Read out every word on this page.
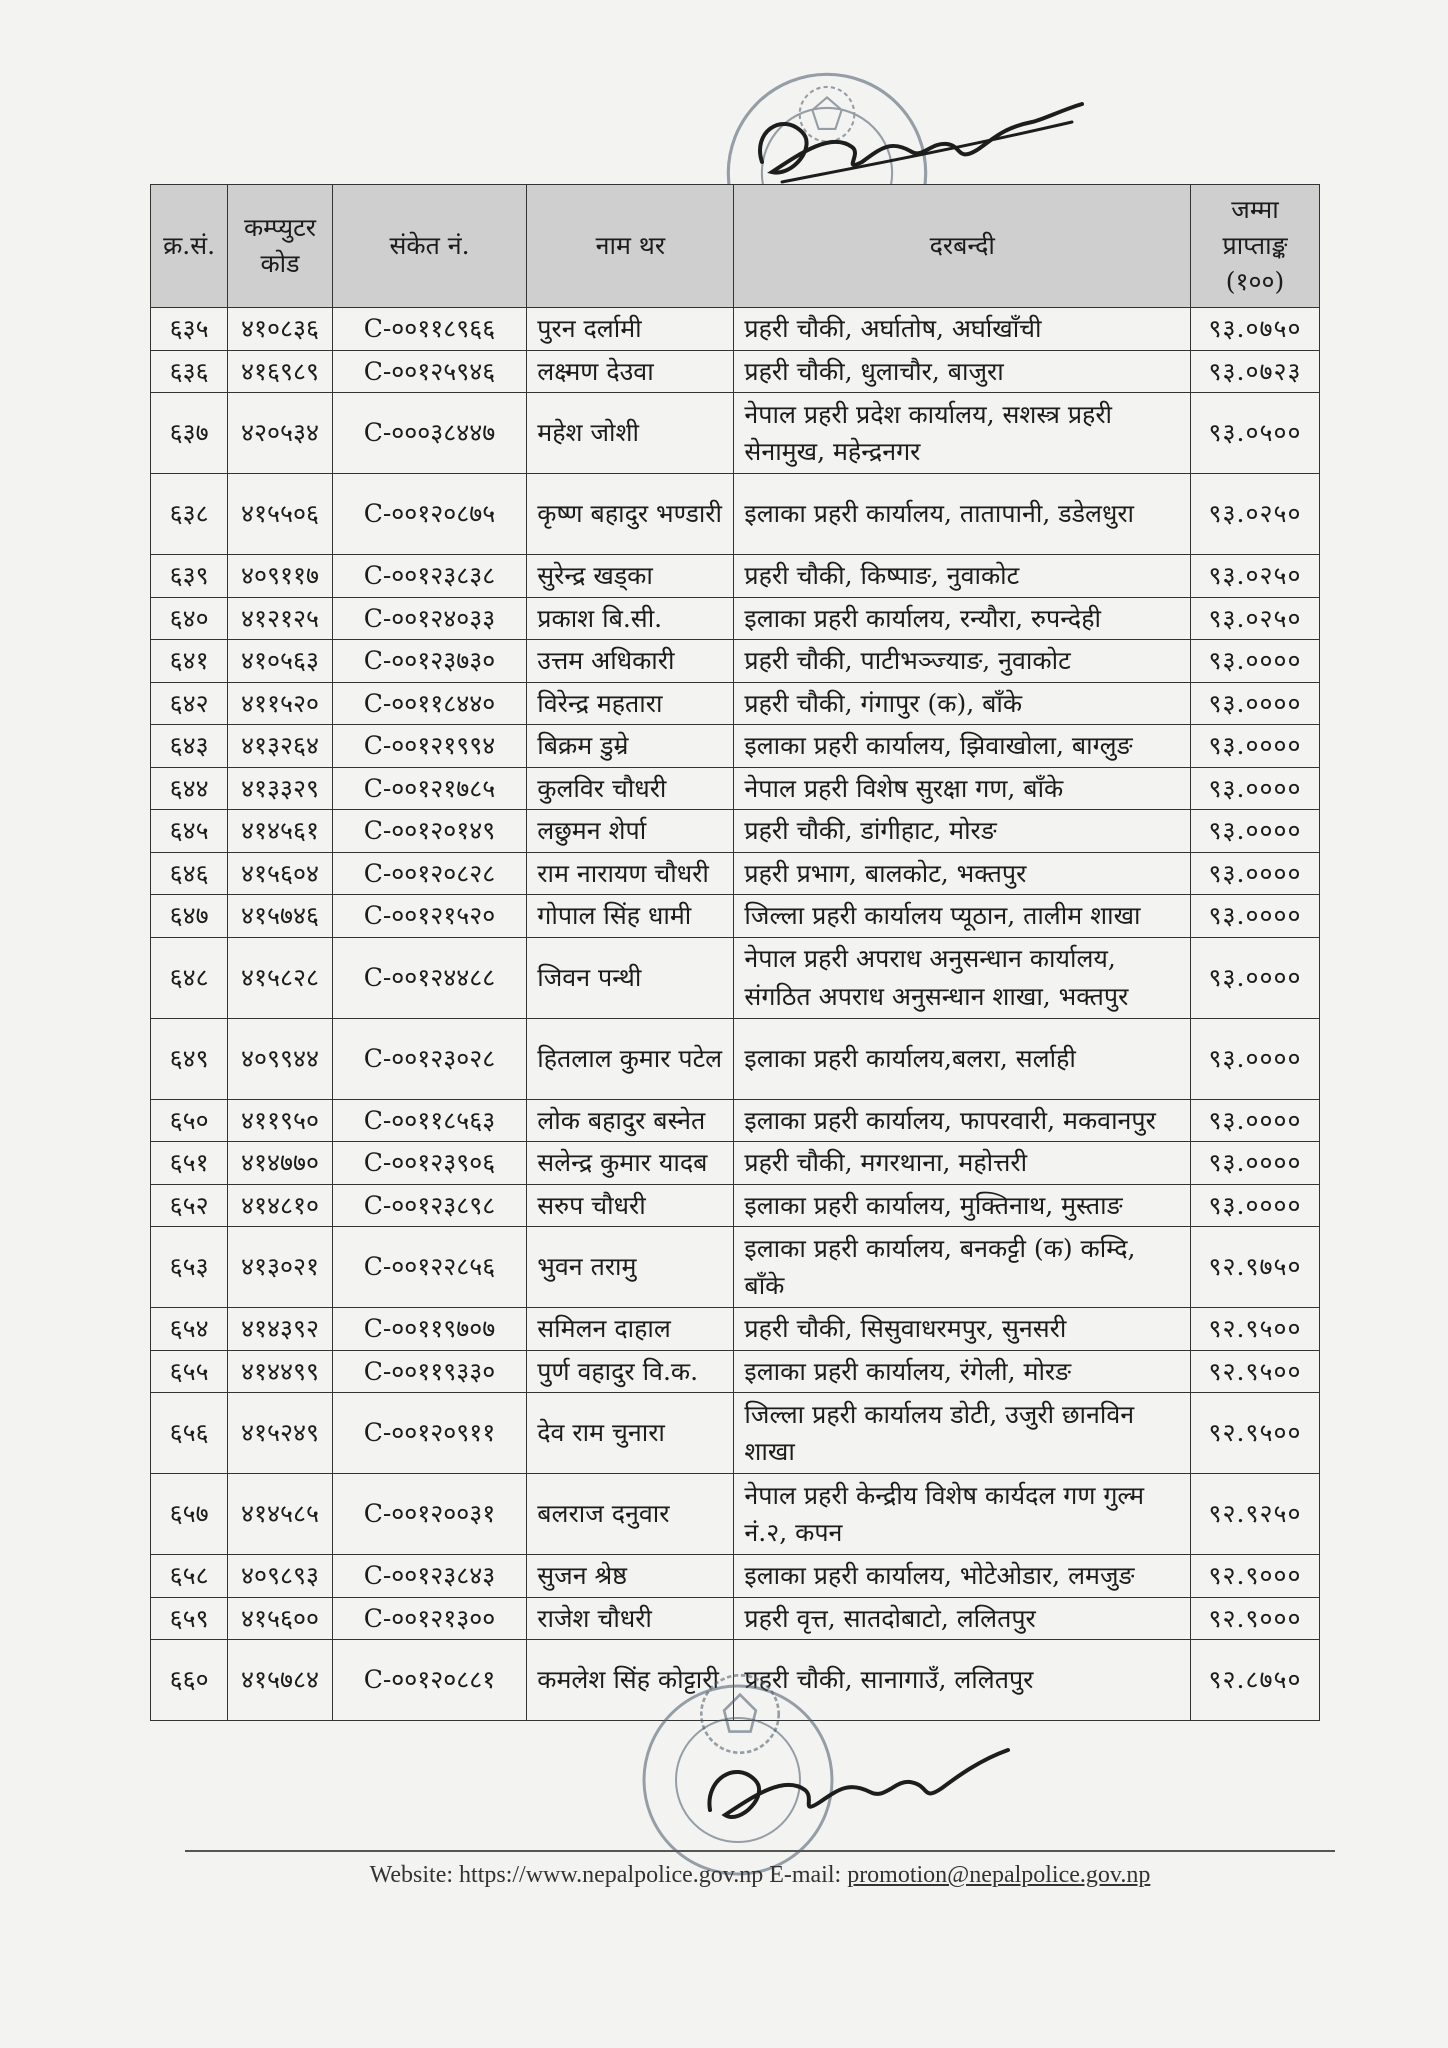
क्र.सं.	कम्प्युटर कोड	संकेत नं.	नाम थर	दरबन्दी	जम्मा प्राप्ताङ्क (१००)
६३५	४१०८३६	C-००११८९६६	पुरन दर्लामी	प्रहरी चौकी, अर्घातोष, अर्घाखाँची	९३.०७५०
६३६	४१६९८९	C-००१२५९४६	लक्ष्मण देउवा	प्रहरी चौकी, धुलाचौर, बाजुरा	९३.०७२३
६३७	४२०५३४	C-०००३८४४७	महेश जोशी	नेपाल प्रहरी प्रदेश कार्यालय, सशस्त्र प्रहरी सेनामुख, महेन्द्रनगर	९३.०५००
६३८	४१५५०६	C-००१२०८७५	कृष्ण बहादुर भण्डारी	इलाका प्रहरी कार्यालय, तातापानी, डडेलधुरा	९३.०२५०
६३९	४०९११७	C-००१२३८३८	सुरेन्द्र खड्का	प्रहरी चौकी, किष्पाङ, नुवाकोट	९३.०२५०
६४०	४१२१२५	C-००१२४०३३	प्रकाश बि.सी.	इलाका प्रहरी कार्यालय, रन्यौरा, रुपन्देही	९३.०२५०
६४१	४१०५६३	C-००१२३७३०	उत्तम अधिकारी	प्रहरी चौकी, पाटीभञ्ज्याङ, नुवाकोट	९३.००००
६४२	४११५२०	C-००११८४४०	विरेन्द्र महतारा	प्रहरी चौकी, गंगापुर (क), बाँके	९३.००००
६४३	४१३२६४	C-००१२१९९४	बिक्रम डुम्रे	इलाका प्रहरी कार्यालय, झिवाखोला, बाग्लुङ	९३.००००
६४४	४१३३२९	C-००१२१७८५	कुलविर चौधरी	नेपाल प्रहरी विशेष सुरक्षा गण, बाँके	९३.००००
६४५	४१४५६१	C-००१२०१४९	लछुमन शेर्पा	प्रहरी चौकी, डांगीहाट, मोरङ	९३.००००
६४६	४१५६०४	C-००१२०८२८	राम नारायण चौधरी	प्रहरी प्रभाग, बालकोट, भक्तपुर	९३.००००
६४७	४१५७४६	C-००१२१५२०	गोपाल सिंह धामी	जिल्ला प्रहरी कार्यालय प्यूठान, तालीम शाखा	९३.००००
६४८	४१५८२८	C-००१२४४८८	जिवन पन्थी	नेपाल प्रहरी अपराध अनुसन्धान कार्यालय, संगठित अपराध अनुसन्धान शाखा, भक्तपुर	९३.००००
६४९	४०९९४४	C-००१२३०२८	हितलाल कुमार पटेल	इलाका प्रहरी कार्यालय,बलरा, सर्लाही	९३.००००
६५०	४११९५०	C-००११८५६३	लोक बहादुर बस्नेत	इलाका प्रहरी कार्यालय, फापरवारी, मकवानपुर	९३.००००
६५१	४१४७७०	C-००१२३९०६	सलेन्द्र कुमार यादब	प्रहरी चौकी, मगरथाना, महोत्तरी	९३.००००
६५२	४१४८१०	C-००१२३८९८	सरुप चौधरी	इलाका प्रहरी कार्यालय, मुक्तिनाथ, मुस्ताङ	९३.००००
६५३	४१३०२१	C-००१२२८५६	भुवन तरामु	इलाका प्रहरी कार्यालय, बनकट्टी (क) कम्दि, बाँके	९२.९७५०
६५४	४१४३९२	C-००११९७०७	समिलन दाहाल	प्रहरी चौकी, सिसुवाधरमपुर, सुनसरी	९२.९५००
६५५	४१४४९९	C-००११९३३०	पुर्ण वहादुर वि.क.	इलाका प्रहरी कार्यालय, रंगेली, मोरङ	९२.९५००
६५६	४१५२४९	C-००१२०९११	देव राम चुनारा	जिल्ला प्रहरी कार्यालय डोटी, उजुरी छानविन शाखा	९२.९५००
६५७	४१४५८५	C-००१२००३१	बलराज दनुवार	नेपाल प्रहरी केन्द्रीय विशेष कार्यदल गण गुल्म नं.२, कपन	९२.९२५०
६५८	४०९८९३	C-००१२३८४३	सुजन श्रेष्ठ	इलाका प्रहरी कार्यालय, भोटेओडार, लमजुङ	९२.९०००
६५९	४१५६००	C-००१२१३००	राजेश चौधरी	प्रहरी वृत्त, सातदोबाटो, ललितपुर	९२.९०००
६६०	४१५७८४	C-००१२०८८१	कमलेश सिंह कोट्टारी	प्रहरी चौकी, सानागाउँ, ललितपुर	९२.८७५०
Website: https://www.nepalpolice.gov.np E-mail: promotion@nepalpolice.gov.np
